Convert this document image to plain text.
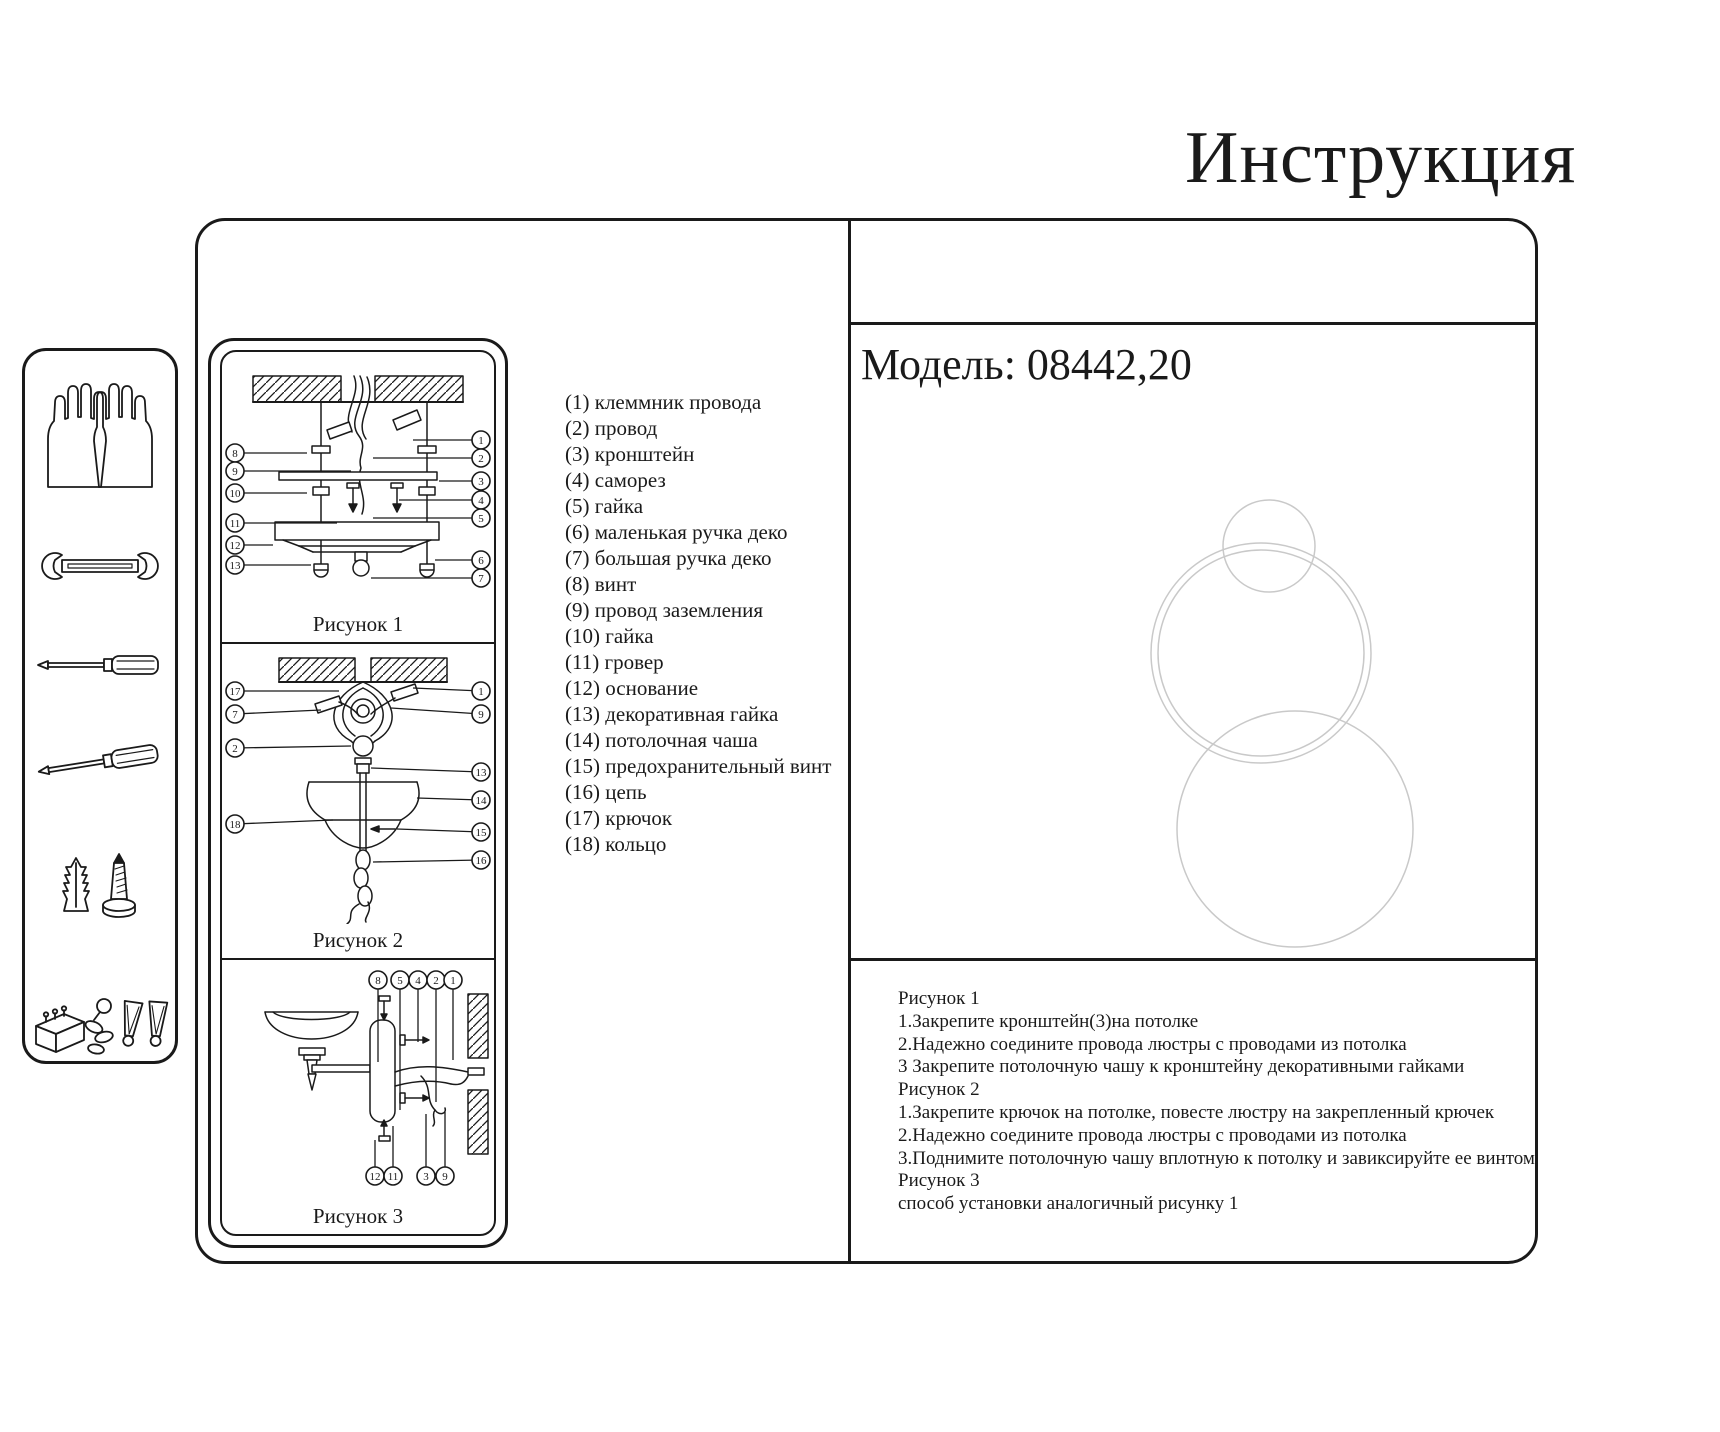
Инструкция
8
9
10
11
12
13
1
2
3
4
5
6
7
Рисунок 1
17
7
2
18
1
9
13
14
15
16
Рисунок 2
8 5 4 2 1
12 11 3 9
Рисунок 3
(1) клеммник провода
(2) провод
(3) кронштейн
(4) саморез
(5) гайка
(6) маленькая ручка деко
(7) большая ручка деко
(8) винт
(9) провод заземления
(10) гайка
(11) гровер
(12) основание
(13) декоративная гайка
(14) потолочная чаша
(15) предохранительный винт
(16) цепь
(17) крючок
(18) кольцо
Модель: 08442,20
Рисунок 1
1.Закрепите кронштейн(3)на потолке
2.Надежно соедините провода люстры с проводами из потолка
3 Закрепите потолочную чашу к кронштейну декоративными гайками
Рисунок 2
1.Закрепите крючок на потолке, повесте люстру на закрепленный крючек
2.Надежно соедините провода люстры с проводами из потолка
3.Поднимите потолочную чашу вплотную к потолку и завиксируйте ее винтом
Рисунок 3
способ установки аналогичный рисунку 1
